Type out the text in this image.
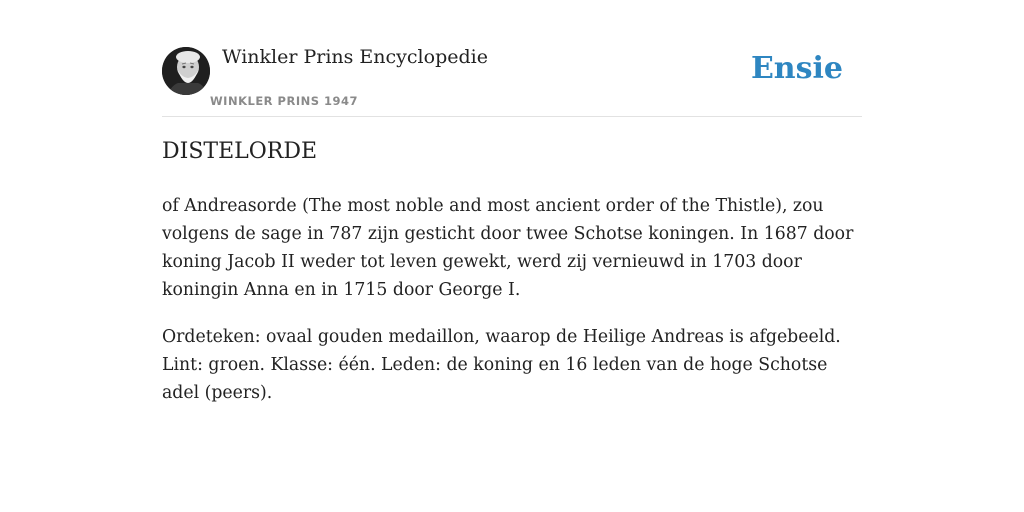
Winkler Prins Encyclopedie
WINKLER PRINS 1947
Ensie
DISTELORDE

of Andreasorde (The most noble and most ancient order of the Thistle), zou volgens de sage in 787 zijn gesticht door twee Schotse koningen. In 1687 door koning Jacob II weder tot leven gewekt, werd zij vernieuwd in 1703 door koningin Anna en in 1715 door George I.

Ordeteken: ovaal gouden medaillon, waarop de Heilige Andreas is afgebeeld. Lint: groen. Klasse: één. Leden: de koning en 16 leden van de hoge Schotse adel (peers).
